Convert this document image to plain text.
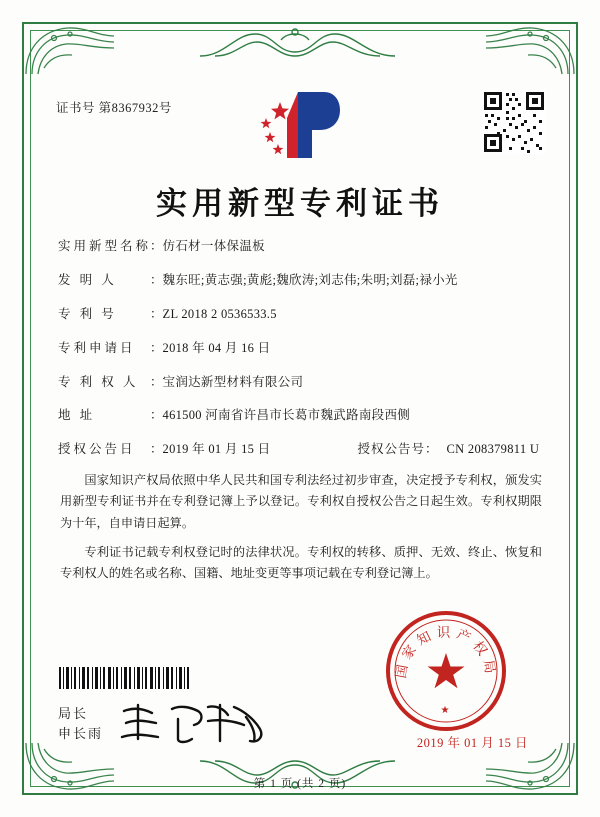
证书号 第8367932号
实用新型专利证书
实用新型名称
： 仿石材一体保温板
发 明 人	： 魏东旺;黄志强;黄彪;魏欣涛;刘志伟;朱明;刘磊;禄小光
专 利 号	： ZL 2018 2 0536533.5
专利申请日	： 2018 年 04 月 16 日
专 利 权 人 ： 宝润达新型材料有限公司
地 址	： 461500 河南省许昌市长葛市魏武路南段西侧
授权公告日	： 2019 年 01 月 15 日	授权公告号： CN 208379811 U

国家知识产权局依照中华人民共和国专利法经过初步审查，决定授予专利权，颁发实用新型专利证书并在专利登记簿上予以登记。专利权自授权公告之日起生效。专利权期限为十年，自申请日起算。

专利证书记载专利权登记时的法律状况。专利权的转移、质押、无效、终止、恢复和专利权人的姓名或名称、国籍、地址变更等事项记载在专利登记簿上。

局长
申长雨
国家知识产权局
★
2019 年 01 月 15 日
第 1 页 (共 2 页)
